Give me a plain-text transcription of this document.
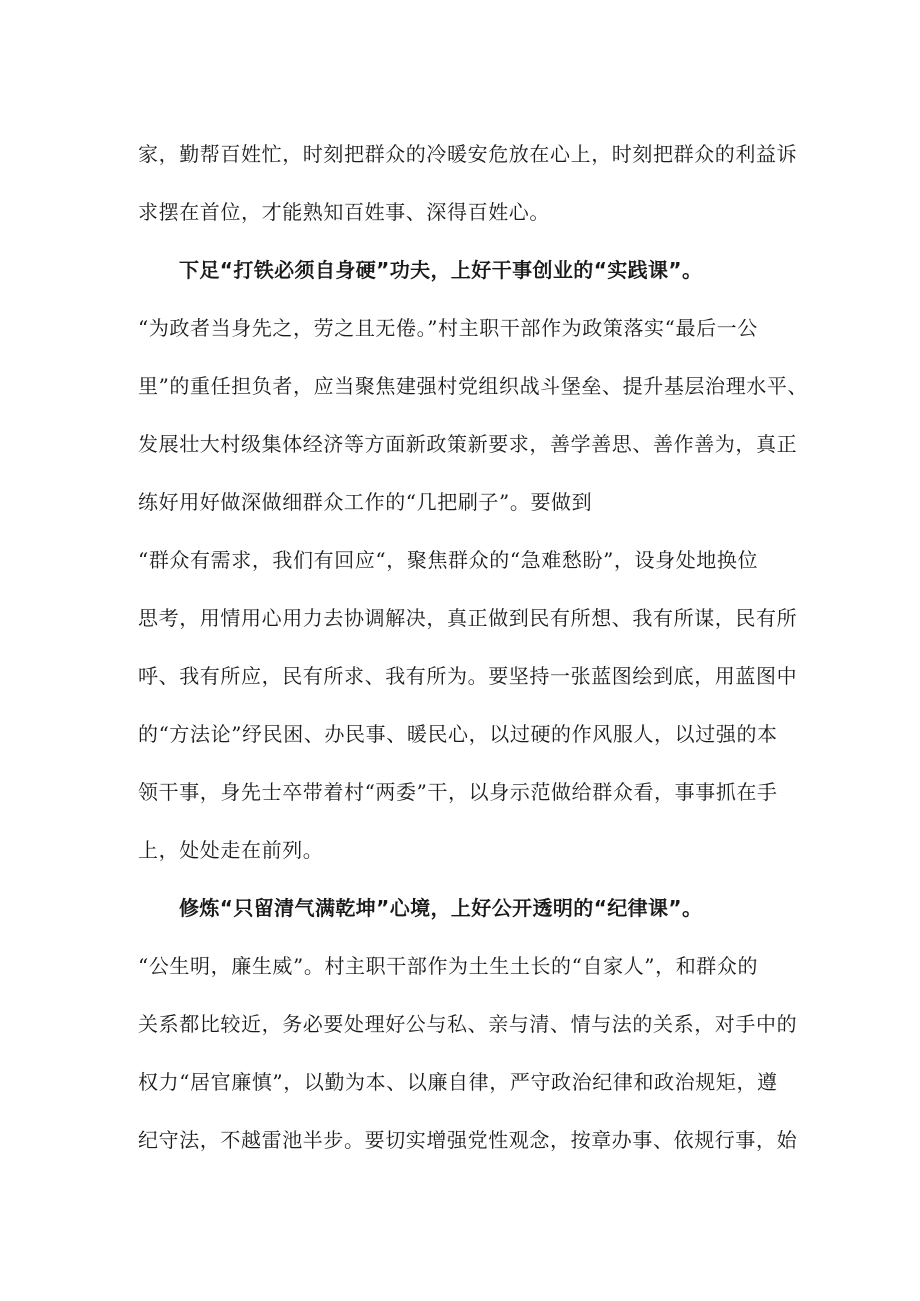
家，勤帮百姓忙，时刻把群众的冷暖安危放在心上，时刻把群众的利益诉
求摆在首位，才能熟知百姓事、深得百姓心。
下足“打铁必须自身硬”功夫，上好干事创业的“实践课”。
“为政者当身先之，劳之且无倦。”村主职干部作为政策落实“最后一公
里”的重任担负者，应当聚焦建强村党组织战斗堡垒、提升基层治理水平、
发展壮大村级集体经济等方面新政策新要求，善学善思、善作善为，真正
练好用好做深做细群众工作的“几把刷子”。要做到
“群众有需求，我们有回应“，聚焦群众的“急难愁盼”，设身处地换位
思考，用情用心用力去协调解决，真正做到民有所想、我有所谋，民有所
呼、我有所应，民有所求、我有所为。要坚持一张蓝图绘到底，用蓝图中
的“方法论”纾民困、办民事、暖民心，以过硬的作风服人，以过强的本
领干事，身先士卒带着村“两委”干，以身示范做给群众看，事事抓在手
上，处处走在前列。
修炼“只留清气满乾坤”心境，上好公开透明的“纪律课”。
“公生明，廉生威”。村主职干部作为土生土长的“自家人”，和群众的
关系都比较近，务必要处理好公与私、亲与清、情与法的关系，对手中的
权力“居官廉慎”，以勤为本、以廉自律，严守政治纪律和政治规矩，遵
纪守法，不越雷池半步。要切实增强党性观念，按章办事、依规行事，始
